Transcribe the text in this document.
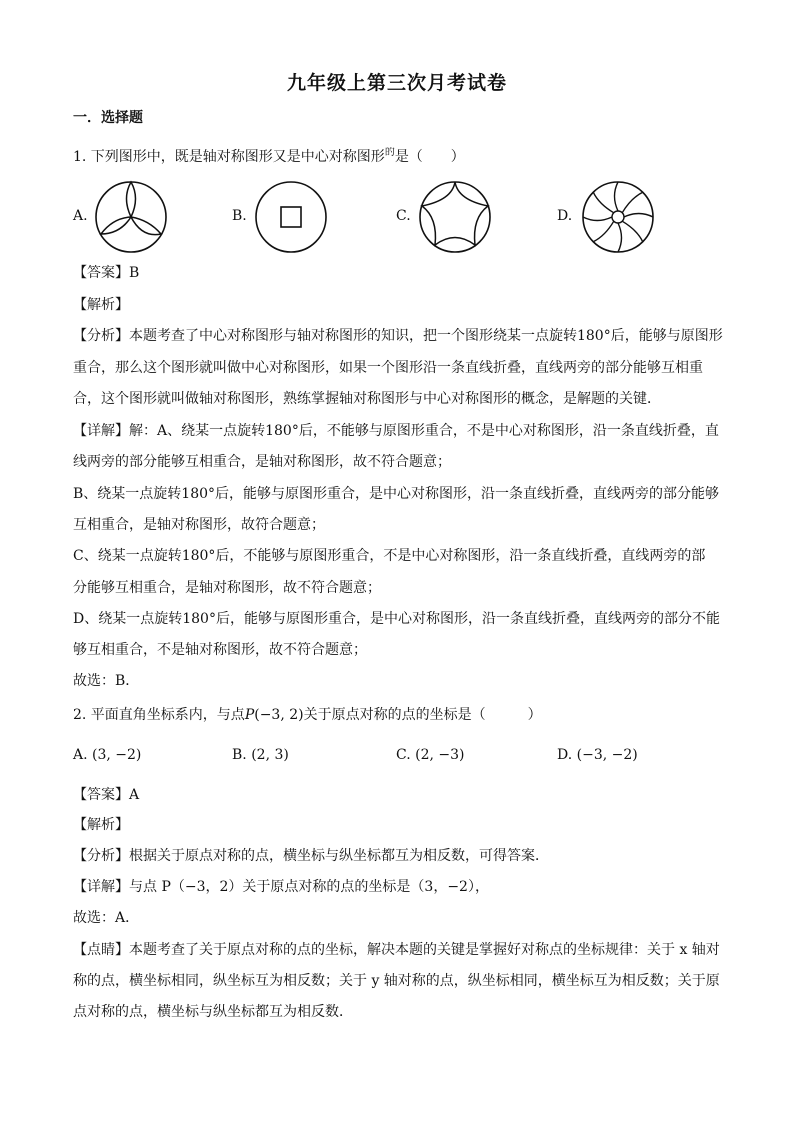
九年级上第三次月考试卷
一．选择题
1. 下列图形中，既是轴对称图形又是中心对称图形$^的$是（　　）
A.	B.	C.	D.
【答案】B
【解析】
【分析】本题考查了中心对称图形与轴对称图形的知识，把一个图形绕某一点旋转180°后，能够与原图形
重合，那么这个图形就叫做中心对称图形，如果一个图形沿一条直线折叠，直线两旁的部分能够互相重
合，这个图形就叫做轴对称图形，熟练掌握轴对称图形与中心对称图形的概念，是解题的关键．
【详解】解：A、绕某一点旋转180°后，不能够与原图形重合，不是中心对称图形，沿一条直线折叠，直
线两旁的部分能够互相重合，是轴对称图形，故不符合题意；
B、绕某一点旋转180°后，能够与原图形重合，是中心对称图形，沿一条直线折叠，直线两旁的部分能够
互相重合，是轴对称图形，故符合题意；
C、绕某一点旋转180°后，不能够与原图形重合，不是中心对称图形，沿一条直线折叠，直线两旁的部
分能够互相重合，是轴对称图形，故不符合题意；
D、绕某一点旋转180°后，能够与原图形重合，是中心对称图形，沿一条直线折叠，直线两旁的部分不能
够互相重合，不是轴对称图形，故不符合题意；
故选：B．
2. 平面直角坐标系内，与点P(−3, 2)关于原点对称的点的坐标是（　　　）
A. (3, −2)	B. (2, 3)	C. (2, −3)	D. (−3, −2)
【答案】A
【解析】
【分析】根据关于原点对称的点，横坐标与纵坐标都互为相反数，可得答案．
【详解】与点 P（−3，2）关于原点对称的点的坐标是（3，−2），
故选：A．
【点睛】本题考查了关于原点对称的点的坐标，解决本题的关键是掌握好对称点的坐标规律：关于 x 轴对
称的点，横坐标相同，纵坐标互为相反数；关于 y 轴对称的点，纵坐标相同，横坐标互为相反数；关于原
点对称的点，横坐标与纵坐标都互为相反数．
